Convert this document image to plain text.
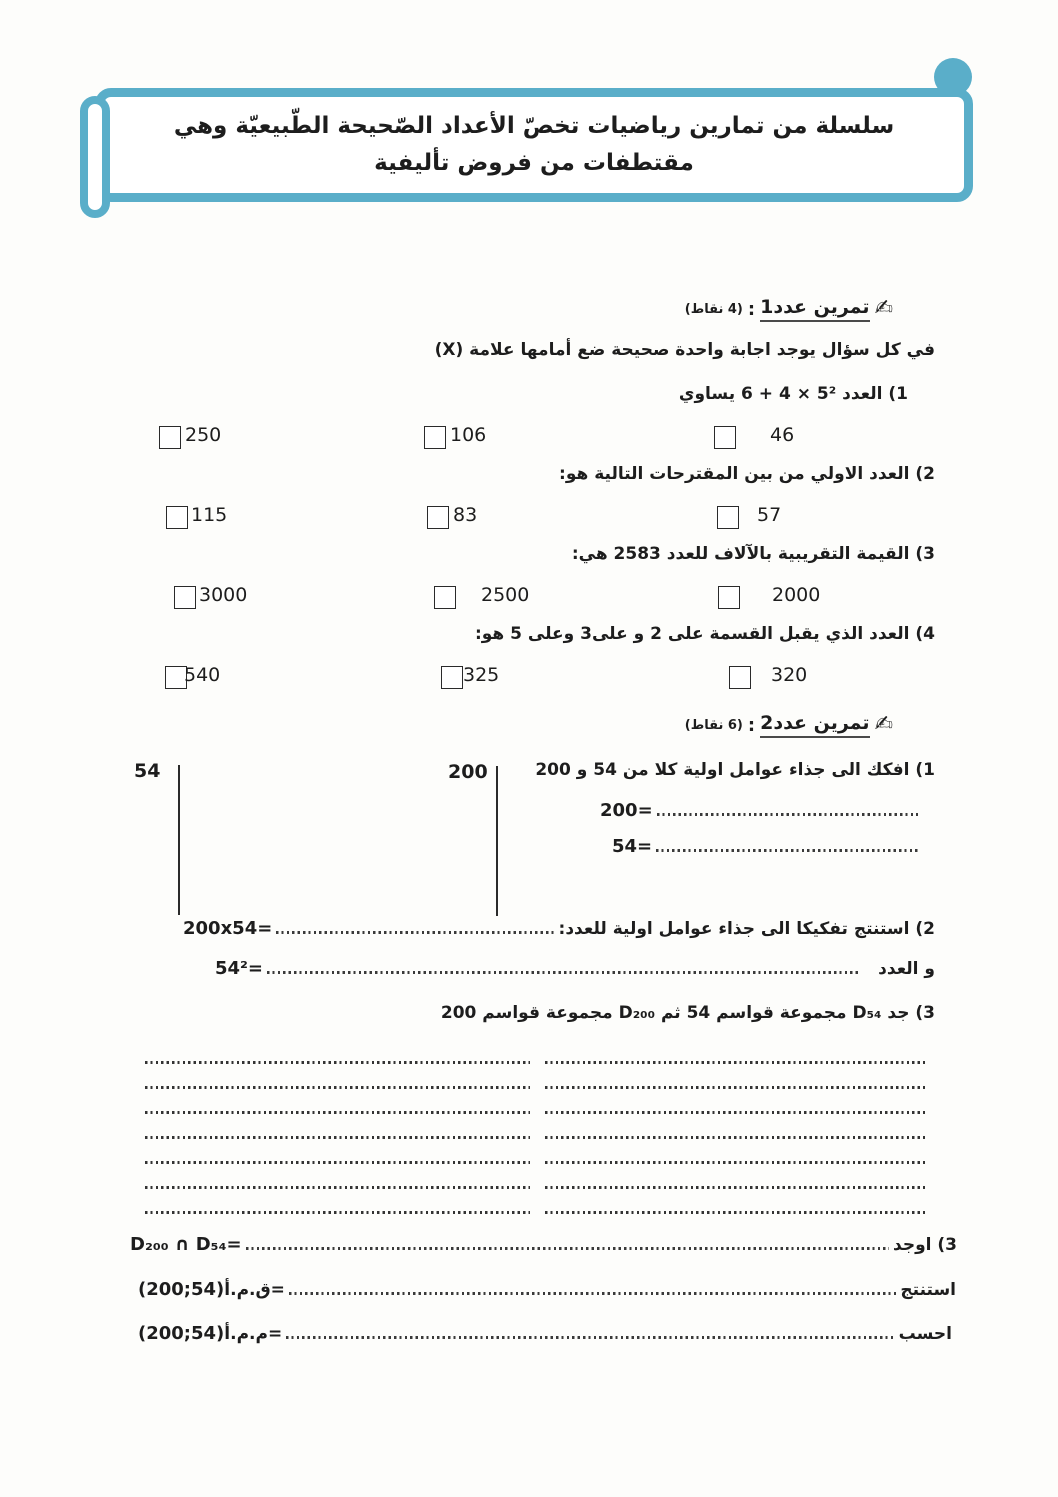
سلسلة من تمارين رياضيات تخصّ الأعداد الصّحيحة الطّبيعيّة وهي
مقتطفات من فروض تأليفية
✍
تمرين عدد1
:
(4 نقاط)
في كل سؤال يوجد اجابة واحدة صحيحة ضع أمامها علامة (X)
1) العدد 5² × 4 + 6 يساوي
46
106
250
2) العدد الاولي من بين المقترحات التالية هو:
57
83
115
3) القيمة التقريبية بالآلاف للعدد 2583 هي:
2000
2500
3000
4) العدد الذي يقبل القسمة على 2 و على3 وعلى 5 هو:
320
325
540
✍
تمرين عدد2
:
(6 نقاط)
1) افكك الى جذاء عوامل اولية كلا من 54 و 200
54	200
200=
54=
2) استنتج تفكيكا الى جذاء عوامل اولية للعدد:
200x54=
و العدد
54²=
3) جد D₅₄ مجموعة قواسم 54 ثم D₂₀₀ مجموعة قواسم 200
3) اوجد
D₂₀₀ ∩ D₅₄=
استنتج
=ق.م.أ
(200;54)
احسب
=م.م.أ
(200;54)
